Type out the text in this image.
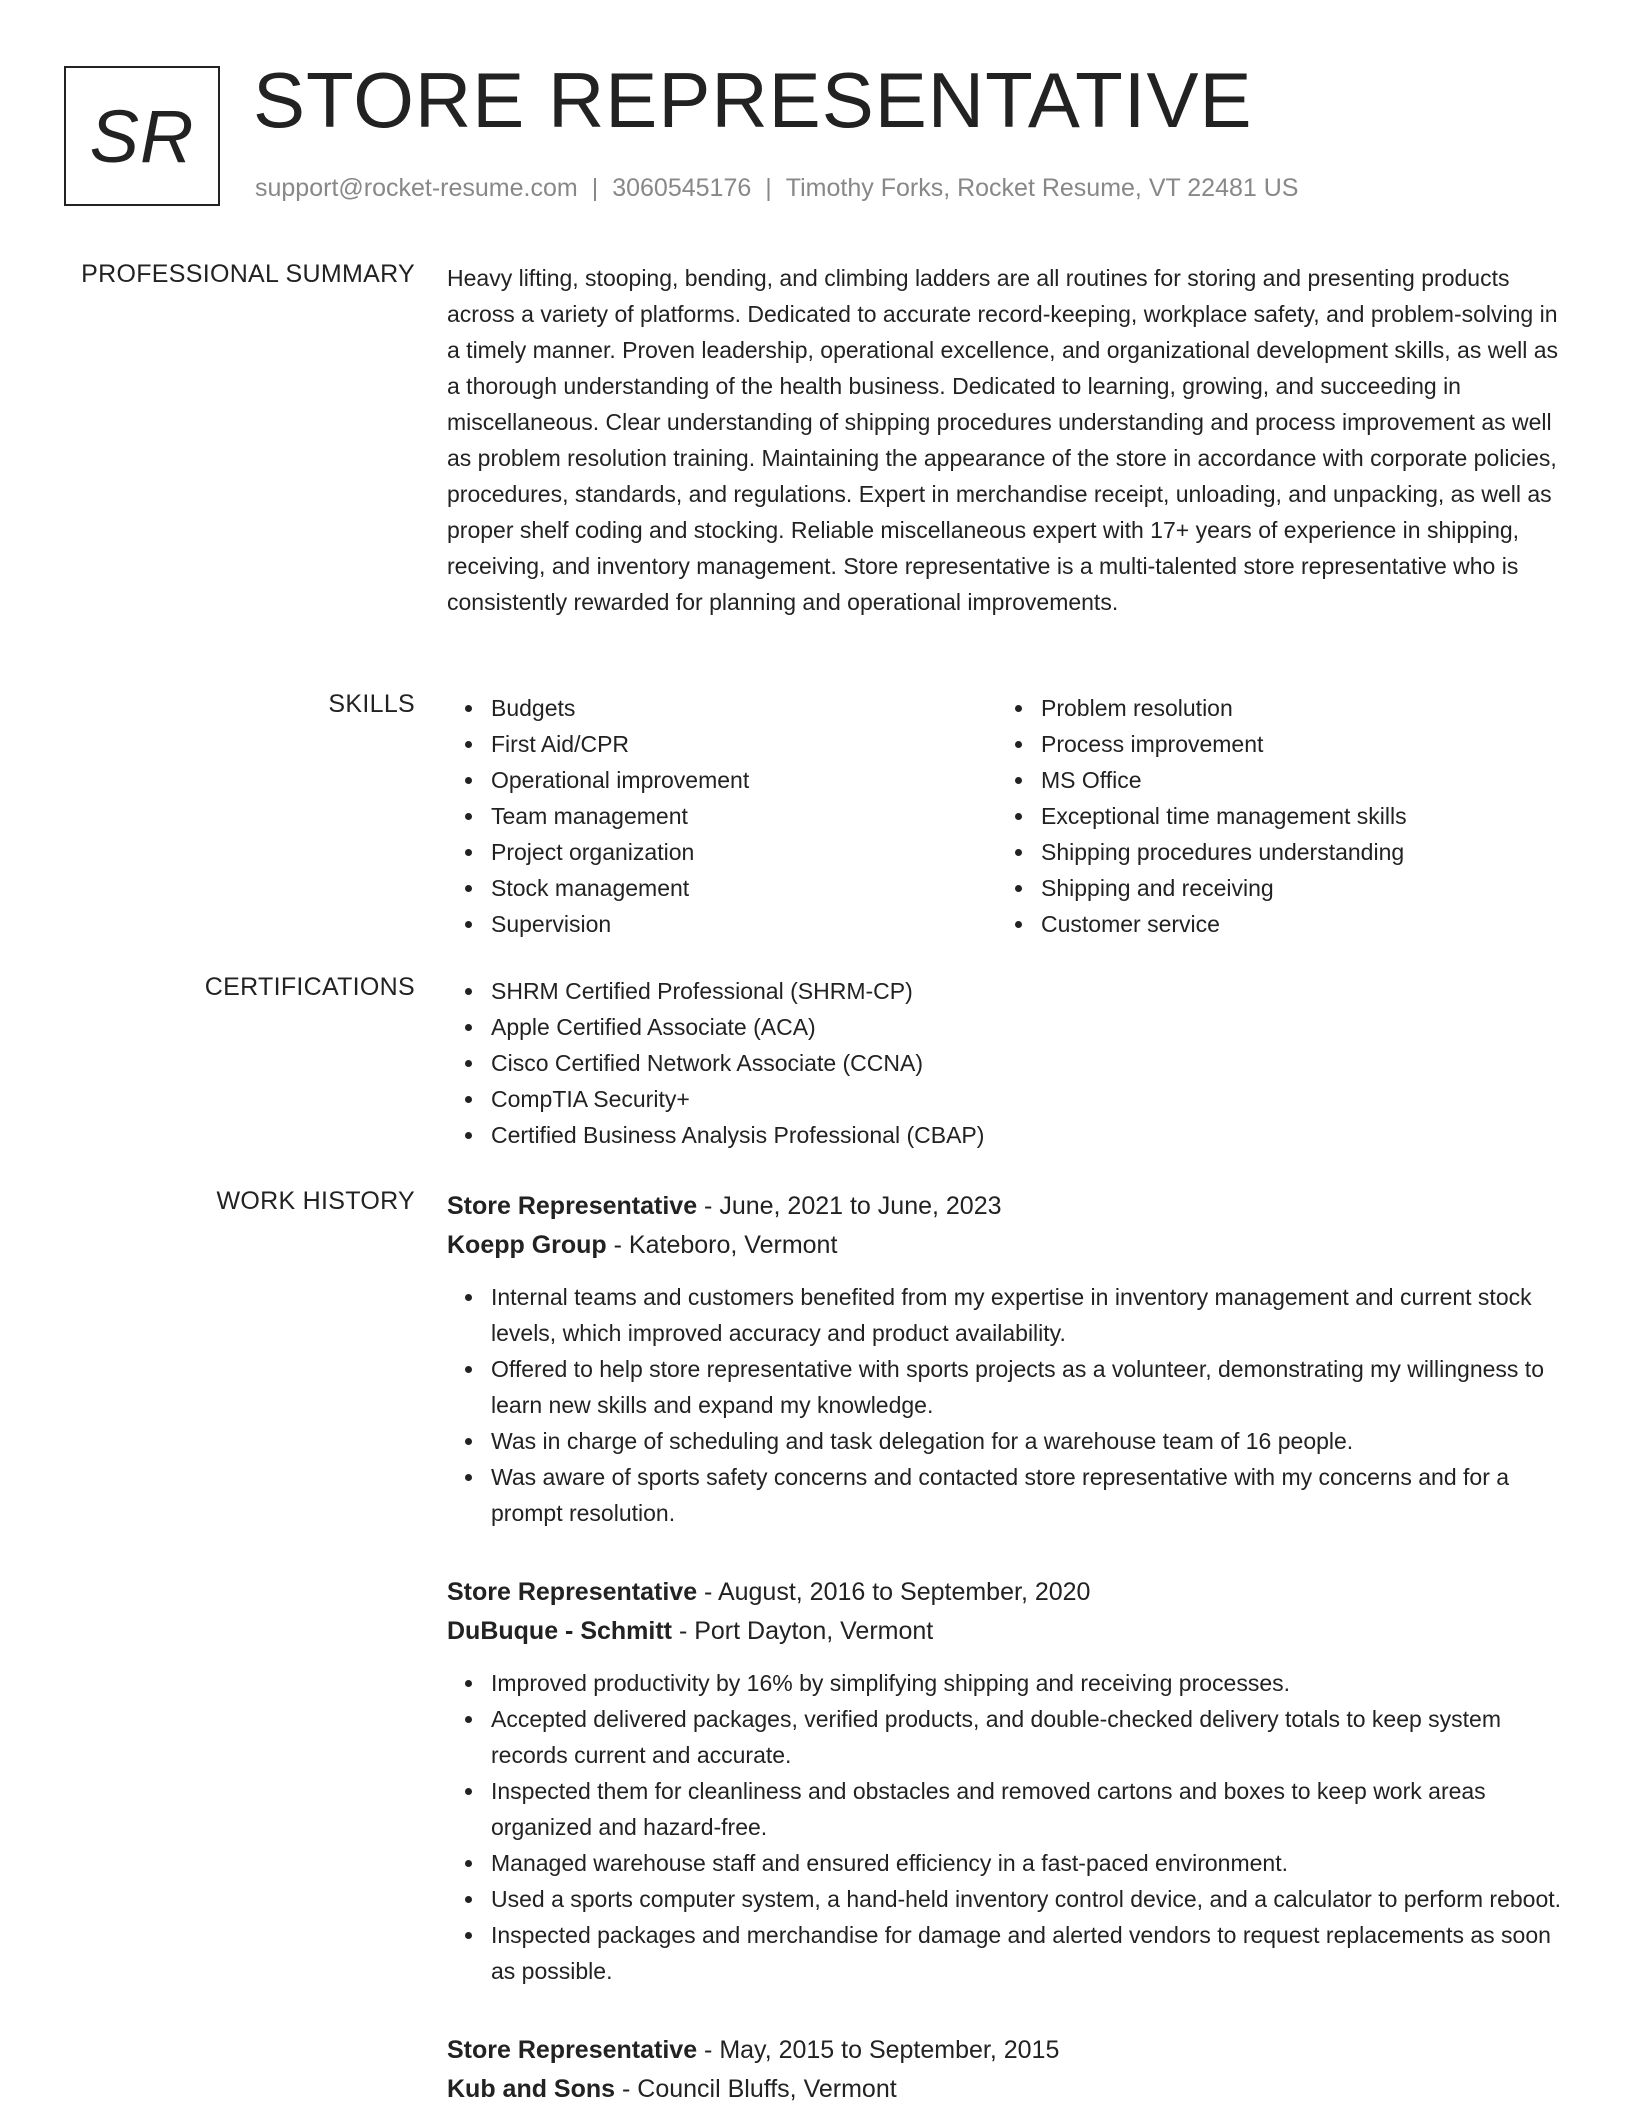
SR STORE REPRESENTATIVE
support@rocket-resume.com | 3060545176 | Timothy Forks, Rocket Resume, VT 22481 US
PROFESSIONAL SUMMARY Heavy lifting, stooping, bending, and climbing ladders are all routines for storing and presenting products across a variety of platforms. Dedicated to accurate record-keeping, workplace safety, and problem-solving in a timely manner. Proven leadership, operational excellence, and organizational development skills, as well as a thorough understanding of the health business. Dedicated to learning, growing, and succeeding in miscellaneous. Clear understanding of shipping procedures understanding and process improvement as well as problem resolution training. Maintaining the appearance of the store in accordance with corporate policies, procedures, standards, and regulations. Expert in merchandise receipt, unloading, and unpacking, as well as proper shelf coding and stocking. Reliable miscellaneous expert with 17+ years of experience in shipping, receiving, and inventory management. Store representative is a multi-talented store representative who is consistently rewarded for planning and operational improvements.

SKILLS	Budgets
First Aid/CPR
Operational improvement
Team management
Project organization
Stock management
Supervision
Problem resolution
Process improvement
MS Office
Exceptional time management skills
Shipping procedures understanding
Shipping and receiving
Customer service
CERTIFICATIONS	SHRM Certified Professional (SHRM-CP)
Apple Certified Associate (ACA)
Cisco Certified Network Associate (CCNA)
CompTIA Security+
Certified Business Analysis Professional (CBAP)
WORK HISTORY Store Representative - June, 2021 to June, 2023
Koepp Group - Kateboro, Vermont
Internal teams and customers benefited from my expertise in inventory management and current stock levels, which improved accuracy and product availability.
Offered to help store representative with sports projects as a volunteer, demonstrating my willingness to learn new skills and expand my knowledge.
Was in charge of scheduling and task delegation for a warehouse team of 16 people.
Was aware of sports safety concerns and contacted store representative with my concerns and for a prompt resolution.
Store Representative - August, 2016 to September, 2020
DuBuque - Schmitt - Port Dayton, Vermont
Improved productivity by 16% by simplifying shipping and receiving processes.
Accepted delivered packages, verified products, and double-checked delivery totals to keep system records current and accurate.
Inspected them for cleanliness and obstacles and removed cartons and boxes to keep work areas organized and hazard-free.
Managed warehouse staff and ensured efficiency in a fast-paced environment.
Used a sports computer system, a hand-held inventory control device, and a calculator to perform reboot.
Inspected packages and merchandise for damage and alerted vendors to request replacements as soon as possible.
Store Representative - May, 2015 to September, 2015
Kub and Sons - Council Bluffs, Vermont
